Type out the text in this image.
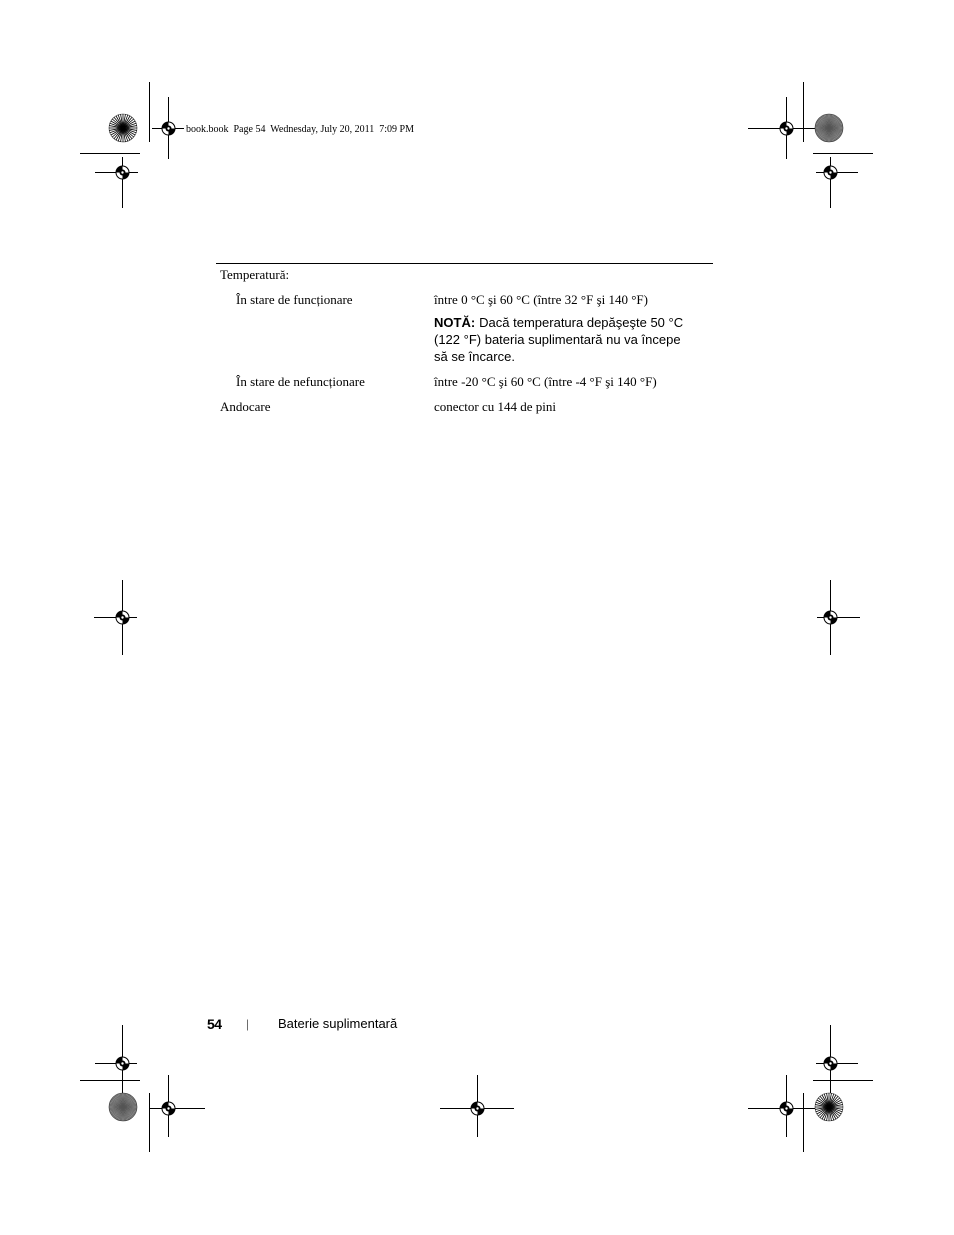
book.book  Page 54  Wednesday, July 20, 2011  7:09 PM
Temperatură:
În stare de funcționare	între 0 °C şi 60 °C (între 32 °F şi 140 °F)
NOTĂ: Dacă temperatura depăşeşte 50 °C
(122 °F) bateria suplimentară nu va începe
să se încarce.
În stare de nefuncționare	între -20 °C şi 60 °C (între -4 °F şi 140 °F)
Andocare	conector cu 144 de pini
54 | Baterie suplimentară
